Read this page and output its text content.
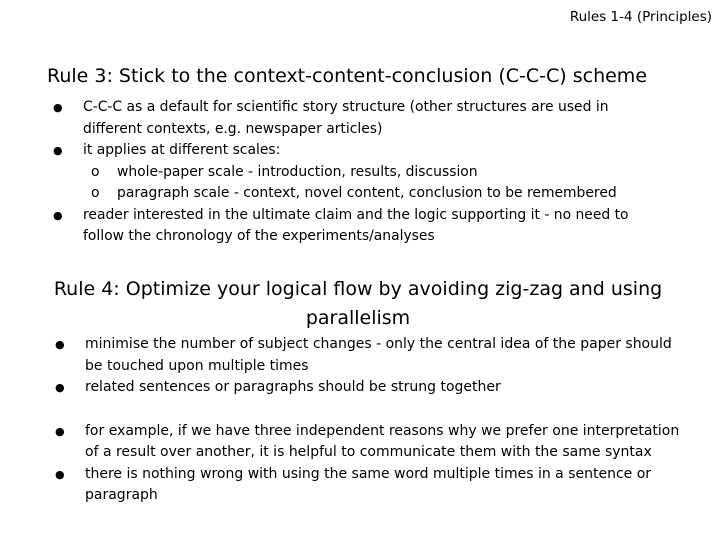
Rules 1-4 (Principles)
Rule 3: Stick to the context-content-conclusion (C-C-C) scheme
● C-C-C as a default for scientific story structure (other structures are used in different contexts, e.g. newspaper articles)
● it applies at different scales:
o whole-paper scale - introduction, results, discussion
o paragraph scale - context, novel content, conclusion to be remembered
● reader interested in the ultimate claim and the logic supporting it - no need to follow the chronology of the experiments/analyses
Rule 4: Optimize your logical flow by avoiding zig-zag and using parallelism
● minimise the number of subject changes - only the central idea of the paper should be touched upon multiple times
● related sentences or paragraphs should be strung together
● for example, if we have three independent reasons why we prefer one interpretation of a result over another, it is helpful to communicate them with the same syntax
● there is nothing wrong with using the same word multiple times in a sentence or paragraph
